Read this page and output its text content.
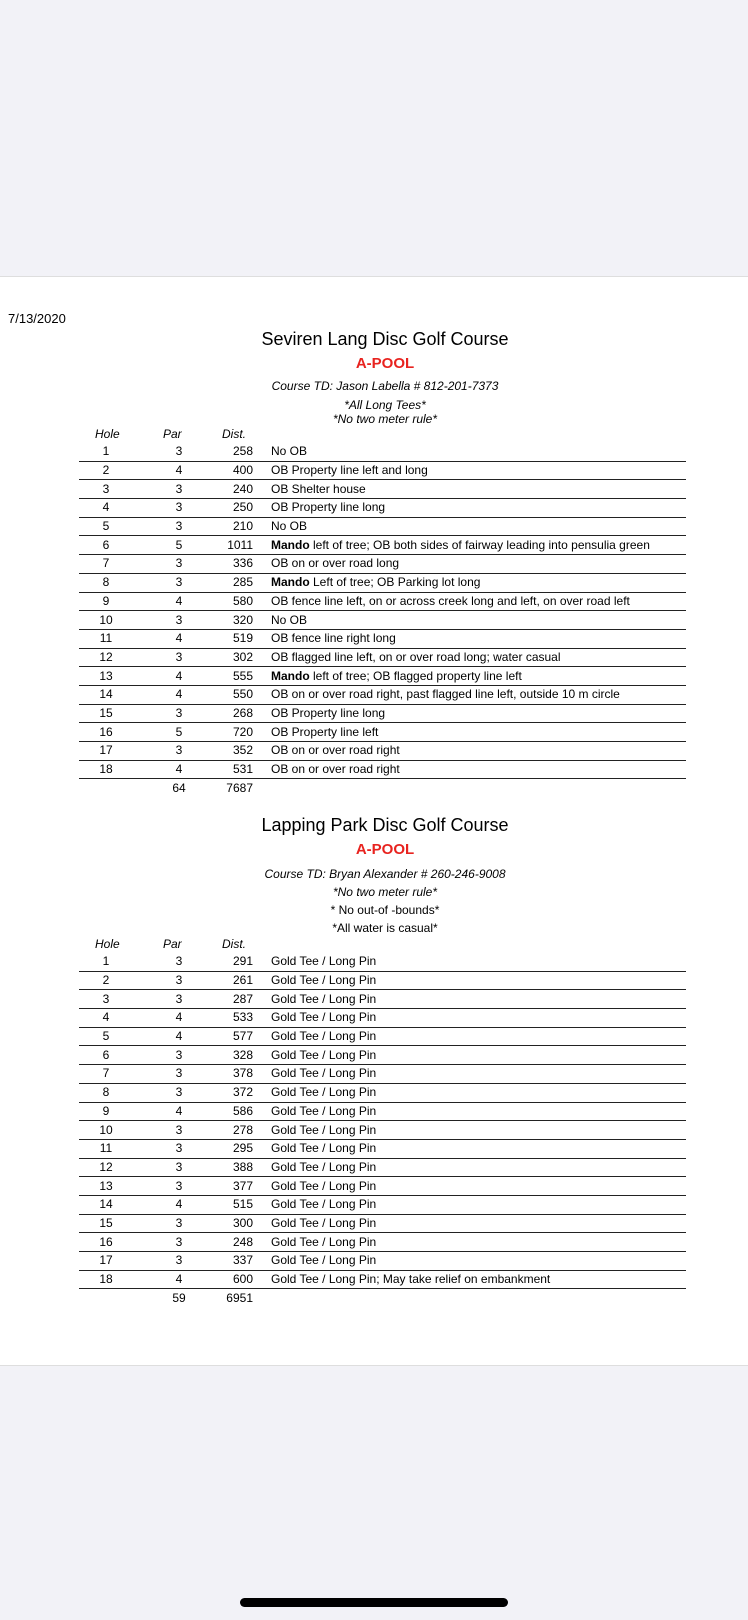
7/13/2020
Seviren Lang Disc Golf Course
A-POOL
Course TD: Jason Labella # 812-201-7373
*All Long Tees*
*No two meter rule*
Hole	Par	Dist.
1	3	258		No OB
2	4	400		OB Property line left and long
3	3	240		OB Shelter house
4	3	250		OB Property line long
5	3	210		No OB
6	5	1011		Mando left of tree; OB both sides of fairway leading into pensulia green
7	3	336		OB on or over road long
8	3	285		Mando Left of tree; OB Parking lot long
9	4	580		OB fence line left, on or across creek long and left, on over road left
10	3	320		No OB
11	4	519		OB fence line right long
12	3	302		OB flagged line left, on or over road long; water casual
13	4	555		Mando left of tree; OB flagged property line left
14	4	550		OB on or over road right, past flagged line left, outside 10 m circle
15	3	268		OB Property line long
16	5	720		OB Property line left
17	3	352		OB on or over road right
18	4	531		OB on or over road right
	64	7687		
Lapping Park Disc Golf Course
A-POOL
Course TD: Bryan Alexander # 260-246-9008
*No two meter rule*
* No out-of -bounds*
*All water is casual*
Hole	Par	Dist.
1	3	291		Gold Tee / Long Pin
2	3	261		Gold Tee / Long Pin
3	3	287		Gold Tee / Long Pin
4	4	533		Gold Tee / Long Pin
5	4	577		Gold Tee / Long Pin
6	3	328		Gold Tee / Long Pin
7	3	378		Gold Tee / Long Pin
8	3	372		Gold Tee / Long Pin
9	4	586		Gold Tee / Long Pin
10	3	278		Gold Tee / Long Pin
11	3	295		Gold Tee / Long Pin
12	3	388		Gold Tee / Long Pin
13	3	377		Gold Tee / Long Pin
14	4	515		Gold Tee / Long Pin
15	3	300		Gold Tee / Long Pin
16	3	248		Gold Tee / Long Pin
17	3	337		Gold Tee / Long Pin
18	4	600		Gold Tee / Long Pin; May take relief on embankment
	59	6951		
